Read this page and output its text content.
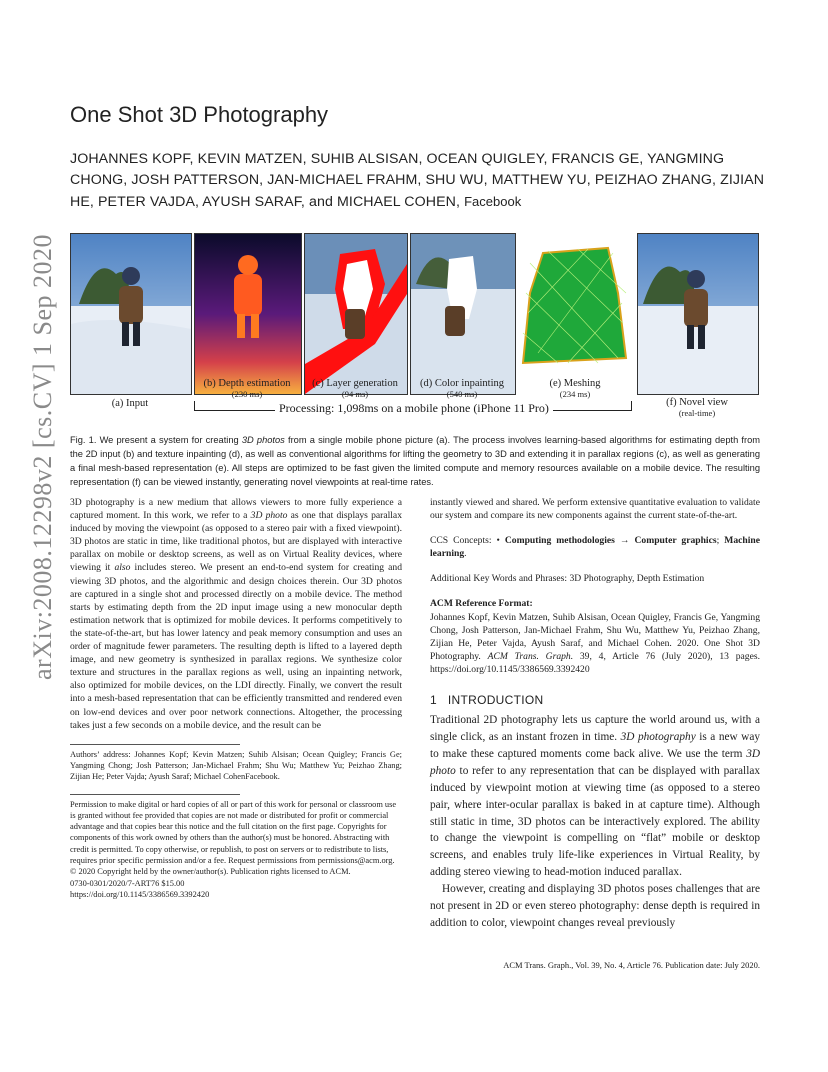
arXiv:2008.12298v2 [cs.CV] 1 Sep 2020
One Shot 3D Photography
JOHANNES KOPF, KEVIN MATZEN, SUHIB ALSISAN, OCEAN QUIGLEY, FRANCIS GE, YANGMING CHONG, JOSH PATTERSON, JAN-MICHAEL FRAHM, SHU WU, MATTHEW YU, PEIZHAO ZHANG, ZIJIAN HE, PETER VAJDA, AYUSH SARAF, and MICHAEL COHEN, Facebook
(a) Input
(b) Depth estimation
(230 ms)
(c) Layer generation
(94 ms)
(d) Color inpainting
(540 ms)
(e) Meshing
(234 ms)
(f) Novel view
(real-time)
Processing: 1,098ms on a mobile phone (iPhone 11 Pro)
Fig. 1. We present a system for creating 3D photos from a single mobile phone picture (a). The process involves learning-based algorithms for estimating depth from the 2D input (b) and texture inpainting (d), as well as conventional algorithms for lifting the geometry to 3D and extending it in parallax regions (c), as well as generating a final mesh-based representation (e). All steps are optimized to be fast given the limited compute and memory resources available on a mobile device. The resulting representation (f) can be viewed instantly, generating novel viewpoints at real-time rates.

3D photography is a new medium that allows viewers to more fully experience a captured moment. In this work, we refer to a 3D photo as one that displays parallax induced by moving the viewpoint (as opposed to a stereo pair with a fixed viewpoint). 3D photos are static in time, like traditional photos, but are displayed with interactive parallax on mobile or desktop screens, as well as on Virtual Reality devices, where viewing it also includes stereo. We present an end-to-end system for creating and viewing 3D photos, and the algorithmic and design choices therein. Our 3D photos are captured in a single shot and processed directly on a mobile device. The method starts by estimating depth from the 2D input image using a new monocular depth estimation network that is optimized for mobile devices. It performs competitively to the state-of-the-art, but has lower latency and peak memory consumption and uses an order of magnitude fewer parameters. The resulting depth is lifted to a layered depth image, and new geometry is synthesized in parallax regions. We synthesize color texture and structures in the parallax regions as well, using an inpainting network, also optimized for mobile devices, on the LDI directly. Finally, we convert the result into a mesh-based representation that can be efficiently transmitted and rendered even on low-end devices and over poor network connections. Altogether, the processing takes just a few seconds on a mobile device, and the result can be

Authors’ address: Johannes Kopf; Kevin Matzen; Suhib Alsisan; Ocean Quigley; Francis Ge; Yangming Chong; Josh Patterson; Jan-Michael Frahm; Shu Wu; Matthew Yu; Peizhao Zhang; Zijian He; Peter Vajda; Ayush Saraf; Michael CohenFacebook.

Permission to make digital or hard copies of all or part of this work for personal or classroom use is granted without fee provided that copies are not made or distributed for profit or commercial advantage and that copies bear this notice and the full citation on the first page. Copyrights for components of this work owned by others than the author(s) must be honored. Abstracting with credit is permitted. To copy otherwise, or republish, to post on servers or to redistribute to lists, requires prior specific permission and/or a fee. Request permissions from permissions@acm.org.

© 2020 Copyright held by the owner/author(s). Publication rights licensed to ACM.

0730-0301/2020/7-ART76 $15.00

https://doi.org/10.1145/3386569.3392420

instantly viewed and shared. We perform extensive quantitative evaluation to validate our system and compare its new components against the current state-of-the-art.

CCS Concepts: • Computing methodologies → Computer graphics; Machine learning.

Additional Key Words and Phrases: 3D Photography, Depth Estimation

ACM Reference Format:

Johannes Kopf, Kevin Matzen, Suhib Alsisan, Ocean Quigley, Francis Ge, Yangming Chong, Josh Patterson, Jan-Michael Frahm, Shu Wu, Matthew Yu, Peizhao Zhang, Zijian He, Peter Vajda, Ayush Saraf, and Michael Cohen. 2020. One Shot 3D Photography. ACM Trans. Graph. 39, 4, Article 76 (July 2020), 13 pages. https://doi.org/10.1145/3386569.3392420

1 INTRODUCTION

Traditional 2D photography lets us capture the world around us, with a single click, as an instant frozen in time. 3D photography is a new way to make these captured moments come back alive. We use the term 3D photo to refer to any representation that can be displayed with parallax induced by viewpoint motion at viewing time (as opposed to a stereo pair, where inter-ocular parallax is baked in at capture time). Although still static in time, 3D photos can be interactively explored. The ability to change the viewpoint is compelling on “flat” mobile or desktop screens, and enables truly life-like experiences in Virtual Reality, by adding stereo viewing to head-motion induced parallax.

However, creating and displaying 3D photos poses challenges that are not present in 2D or even stereo photography: dense depth is required in addition to color, viewpoint changes reveal previously

ACM Trans. Graph., Vol. 39, No. 4, Article 76. Publication date: July 2020.
